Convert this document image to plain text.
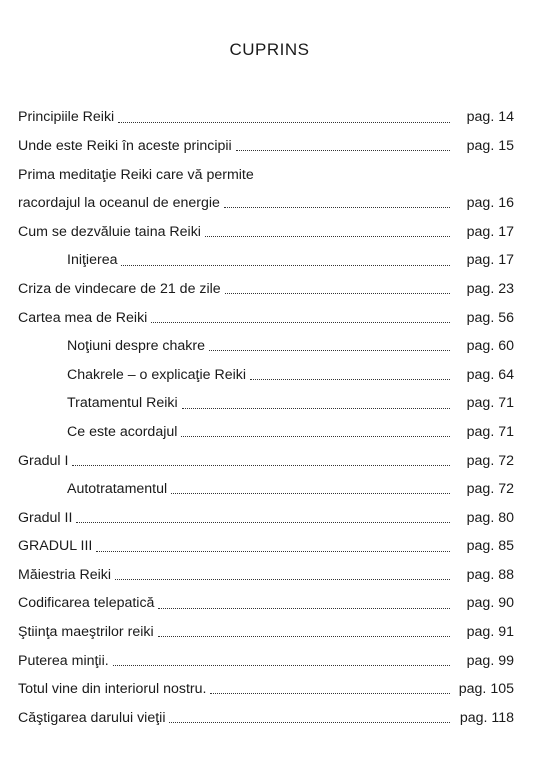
CUPRINS
Principiile Reiki	pag. 14
Unde este Reiki în aceste principii	pag. 15
Prima meditaţie Reiki care vă permite
racordajul la oceanul de energie	pag. 16
Cum se dezvăluie taina Reiki	pag. 17
Iniţierea	pag. 17
Criza de vindecare de 21 de zile	pag. 23
Cartea mea de Reiki	pag. 56
Noţiuni despre chakre	pag. 60
Chakrele – o explicaţie Reiki	pag. 64
Tratamentul Reiki	pag. 71
Ce este acordajul	pag. 71
Gradul I	pag. 72
Autotratamentul	pag. 72
Gradul II	pag. 80
GRADUL III	pag. 85
Măiestria Reiki	pag. 88
Codificarea telepatică	pag. 90
Ştiinţa maeştrilor reiki	pag. 91
Puterea minţii.	pag. 99
Totul vine din interiorul nostru.	pag. 105
Căştigarea darului vieţii	pag. 118
